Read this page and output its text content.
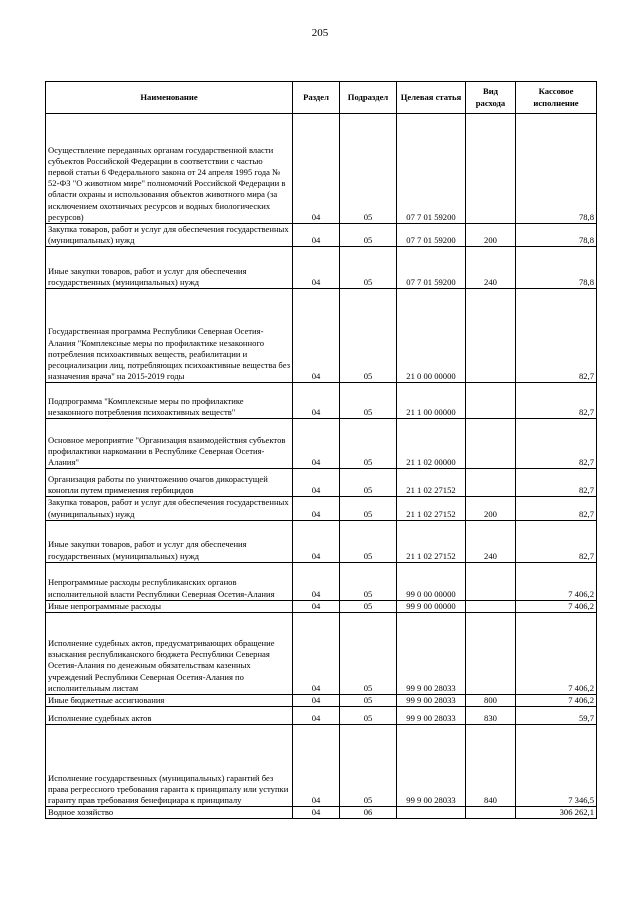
205
Наименование	Раздел	Подраздел	Целевая статья	Вид расхода	Кассовое исполнение
Осуществление переданных органам государственной власти субъектов Российской Федерации в соответствии с частью первой статьи 6 Федерального закона от 24 апреля 1995 года № 52-ФЗ "О животном мире" полномочий Российской Федерации в области охраны и использования объектов животного мира (за исключением охотничьих ресурсов и водных биологических ресурсов)	04	05	07 7 01 59200		78,8
Закупка товаров, работ и услуг для обеспечения государственных (муниципальных) нужд	04	05	07 7 01 59200	200	78,8
Иные закупки товаров, работ и услуг для обеспечения государственных (муниципальных) нужд	04	05	07 7 01 59200	240	78,8
Государственная программа Республики Северная Осетия-Алания "Комплексные меры по профилактике незаконного потребления психоактивных веществ, реабилитации и ресоциализации лиц, потребляющих психоактивные вещества без назначения врача" на 2015-2019 годы	04	05	21 0 00 00000		82,7
Подпрограмма "Комплексные меры по профилактике незаконного потребления психоактивных веществ"	04	05	21 1 00 00000		82,7
Основное мероприятие "Организация взаимодействия субъектов профилактики наркомании в Республике Северная Осетия-Алания"	04	05	21 1 02 00000		82,7
Организация работы по уничтожению очагов дикорастущей конопли путем применения гербицидов	04	05	21 1 02 27152		82,7
Закупка товаров, работ и услуг для обеспечения государственных (муниципальных) нужд	04	05	21 1 02 27152	200	82,7
Иные закупки товаров, работ и услуг для обеспечения государственных (муниципальных) нужд	04	05	21 1 02 27152	240	82,7
Непрограммные расходы республиканских органов исполнительной власти Республики Северная Осетия-Алания	04	05	99 0 00 00000		7 406,2
Иные непрограммные расходы	04	05	99 9 00 00000		7 406,2
Исполнение судебных актов, предусматривающих обращение взыскания республиканского бюджета Республики Северная Осетия-Алания по денежным обязательствам казенных учреждений Республики Северная Осетия-Алания по исполнительным листам	04	05	99 9 00 28033		7 406,2
Иные бюджетные ассигнования	04	05	99 9 00 28033	800	7 406,2
Исполнение судебных актов	04	05	99 9 00 28033	830	59,7
Исполнение государственных (муниципальных) гарантий без права регрессного требования гаранта к принципалу или уступки гаранту прав требования бенефициара к принципалу	04	05	99 9 00 28033	840	7 346,5
Водное хозяйство	04	06			306 262,1
